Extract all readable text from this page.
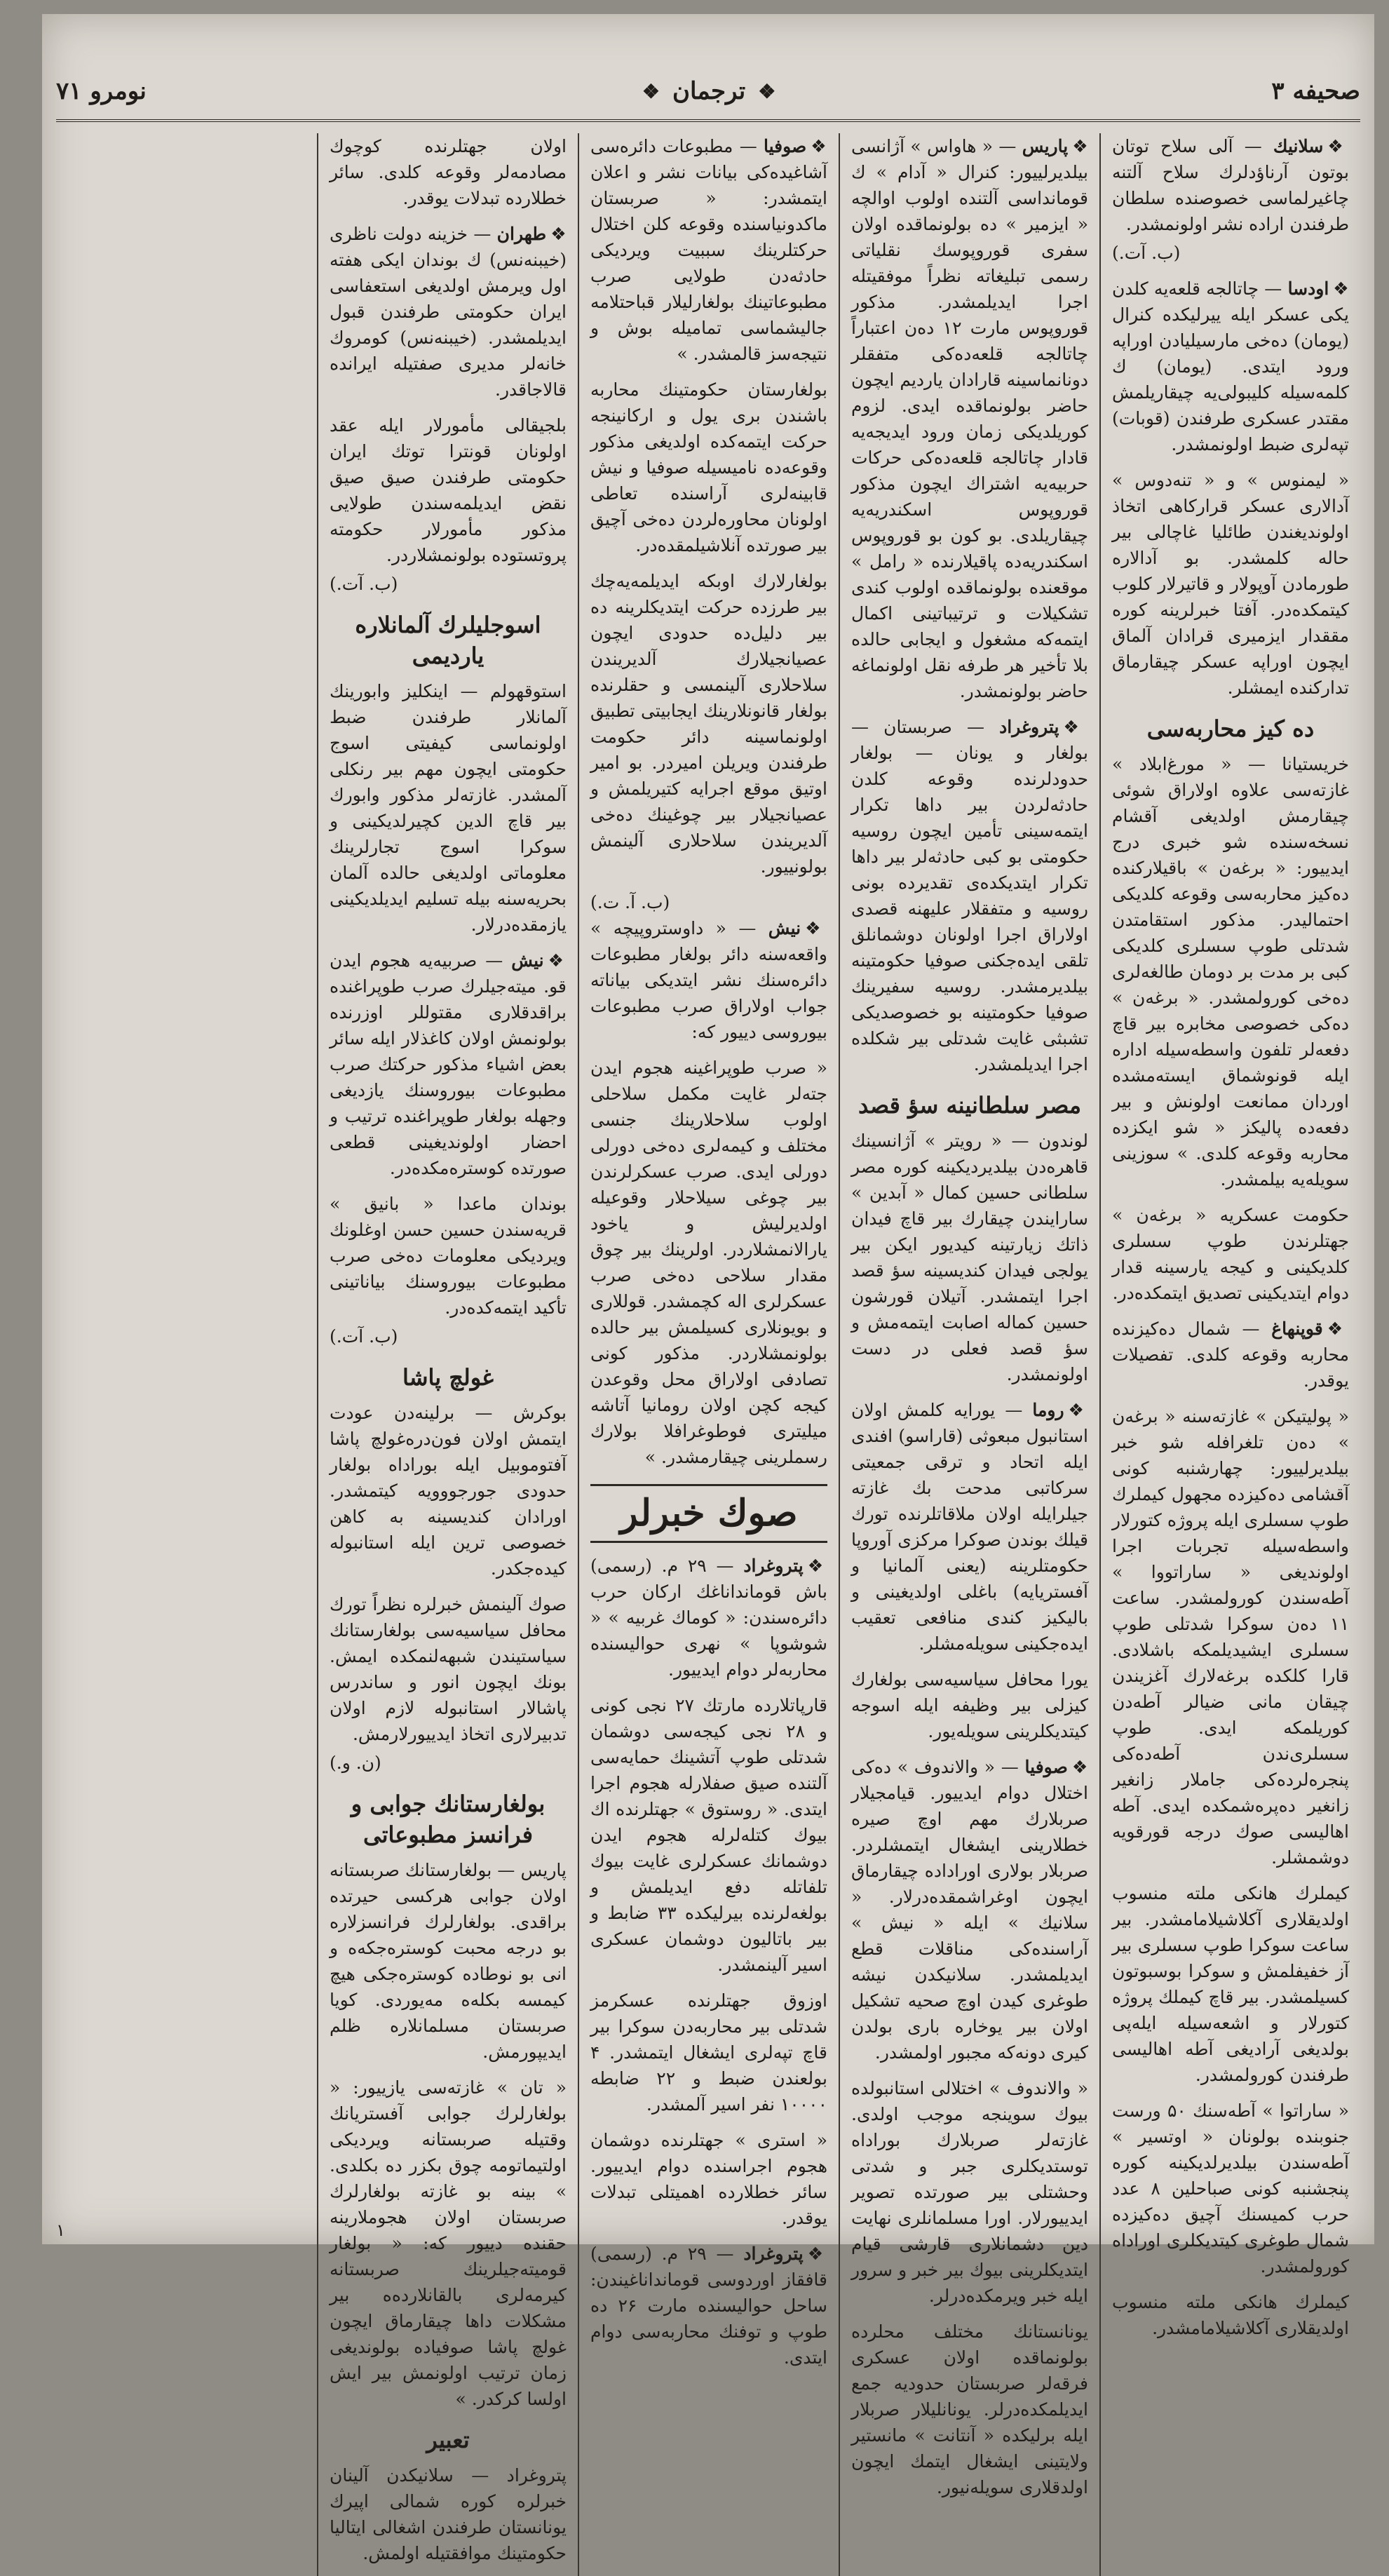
صحیفه ۳
❖
ترجمان
❖
نومرو ۷۱
❖سلانیك — آلی سلاح توتان بوتون آرناؤدلرك سلاح آلتنه چاغیرلماسی خصوصنده سلطان طرفندن اراده نشر اولونمشدر.
(ب. آت.)
❖اودسا — چاتالجه قلعه‌یه کلدن یکی عسکر ایله ییرلیکده کنرال (یومان) ده‌خی مارسیلیادن اوراپه ورود ایتدی. (یومان) ك کلمه‌سیله کلیبولی‌یه چیقاریلمش مقتدر عسکری طرفندن (قوبات) تپه‌لری ضبط اولونمشدر.
« لیمنوس » و « تنه‌دوس » آدالاری عسکر قرارکاهی اتخاذ اولوندیغندن طائلیا غاچالی بیر حاله کلمشدر. بو آدالاره طورمادن آوپولار و قاتیرلار کلوب کیتمکده‌در. آفتا خبرلرینه کوره مققدار ایزمیری قرادان آلماق ایچون اوراپه عسکر چیقارماق تدارکنده ایمشلر.
ده کیز محاربه‌سی
خریستیانا — « مورغ‌ابلاد » غازته‌سی علاوه اولاراق شوئی چیقارمش اولدیغی آقشام نسخه‌سنده شو خبری درج ایدییور: « برغه‌ن » باقیلارکنده ده‌کیز محاربه‌سی وقوعه کلدیکی احتمالیدر. مذکور استقامتدن شدتلی طوپ سسلری کلدیکی کبی بر مدت بر دومان طالغه‌لری ده‌خی کورولمشدر. « برغه‌ن » ده‌کی خصوصی مخابره بیر قاچ دفعه‌لر تلفون واسطه‌سیله اداره ایله قونوشماق ایسته‌مشده اوردان ممانعت اولونش و بیر دفعه‌ده پالیکز « شو ایکزده محاربه وقوعه کلدی. » سوزینی سویله‌یه بیلمشدر.
حکومت عسکریه « برغه‌ن » جهتلرندن طوپ سسلری کلدیکینی و کیجه یارسینه قدار دوام ایتدیکینی تصدیق ایتمکده‌در.
❖قوپنهاغ — شمال ده‌کیزنده محاربه وقوعه کلدی. تفصیلات یوقدر.
« پولیتیکن » غازته‌سنه « برغه‌ن » ده‌ن تلغرافله شو خبر بیلدیرلییور: چهارشنبه کونی آقشامی ده‌کیزده مجهول کیملرك طوپ سسلری ایله پروژه کتورلار واسطه‌سیله تجربات اجرا اولوندیغی « ساراتووا » آطه‌سندن کورولمشدر. ساعت ۱۱ ده‌ن سوکرا شدتلی طوپ سسلری ایشیدیلمکه باشلادی. قارا کلکده برغه‌لارك آغزیندن چیقان مانی ضیالر آطه‌دن کوریلمکه ایدی. طوپ سسلری‌ندن آطه‌ده‌کی پنجره‌لرده‌کی جاملار زانغیر زانغیر ده‌پره‌شمکده‌ ایدی. آطه اهالیسی صوك درجه قورقویه دوشمشلر.
کیملرك هانکی ملته منسوب اولدیقلاری آکلاشیلامامشدر. بیر ساعت سوکرا طوپ سسلری بیر آز خفیفلمش و سوکرا بوسبوتون کسیلمشدر. بیر قاچ کیملك پروژه کتورلار و اشعه‌سیله ایله‌پی بولدیغی آرادیغی آطه اهالیسی طرفندن کورولمشدر.
« ساراتوا » آطه‌سنك ۵۰ ورست جنوبنده بولونان « اوتسیر » آطه‌سندن بیلدیرلدیکینه کوره پنجشنبه کونی صباحلین ۸ عدد حرب کمیسنك آچیق ده‌کیزده شمال طوغری کیتدیکلری اوراداه کورولمشدر.
کیملرك هانکی ملته منسوب اولدیقلاری آکلاشیلامامشدر.
❖پاریس — « هاواس » آژانسی بیلدیرلییور: کنرال « آدام » ك قومانداسی آلتنده اولوب اوالچه « ایزمیر » ده بولونماقده اولان سفری قوروپوسك نقلیاتی رسمی تبلیغاته نظراً موفقیتله اجرا ایدیلمشدر. مذکور قوروپوس مارت ۱۲ ده‌ن اعتباراً چاتالجه قلعه‌ده‌کی متفقلر دونانماسینه قارادان یاردیم ایچون حاضر بولونماقده ایدی. لزوم کوریلدیکی زمان ورود ایدیجه‌یه قادار چاتالجه قلعه‌ده‌کی حرکات حربیه‌یه اشتراك ایچون مذکور قوروپوس اسکندریه‌یه چیقاریلدی. بو کون بو قوروپوس اسکندریه‌ده پاقیلارنده « رامل » موقعنده بولونماقده اولوب کندی تشکیلات و ترتیباتینی اکمال ایتمه‌که مشغول و ایجابی حالده بلا تأخیر هر طرفه نقل اولونماغه حاضر بولونمشدر.
❖پتروغراد — صربستان — بولغار و یونان — بولغار حدودلرنده وقوعه کلدن حادثه‌لردن بیر داها تکرار ایتمه‌سینی تأمین ایچون روسیه حکومتی بو کبی حادثه‌لر بیر داها تکرار ایتدیکده‌ی تقدیرده بونی روسیه و متفقلار علیهنه قصدی اولاراق اجرا اولونان دوشمانلق تلقی ایده‌جکنی صوفیا حکومتینه بیلدیرمشدر. روسیه سفیرینك صوفیا حکومتینه بو خصوصدیکی تشبثی غایت شدتلی بیر شکلده اجرا ایدیلمشدر.
مصر سلطانینه سؤ قصد
لوندون — « رویتر » آژانسینك قاهره‌دن بیلدیردیکینه کوره مصر سلطانی حسین کمال « آبدین » سارایندن چیقارك بیر قاچ فیدان ذاتك زیارتینه کیدیور ایکن بیر یولجی فیدان کندیسینه سؤ قصد اجرا ایتمشدر. آتیلان قورشون حسین کماله اصابت ایتمه‌مش و سؤ قصد فعلی در دست اولونمشدر.
❖روما — یورایه کلمش اولان استانبول مبعوثی (قاراسو) افندی ایله اتحاد و ترقی جمعیتی سرکاتبی مدحت بك غازته جیلرایله اولان ملاقاتلرنده تورك قیلك بوندن صوکرا مرکزی آوروپا حکومتلرینه (یعنی آلمانیا و آفستریایه) باغلی اولدیغینی و بالیکیز کندی منافعی تعقیب ایده‌جکینی سویله‌مشلر.
یورا محافل سیاسیه‌سی بولغارك کیزلی بیر وظیفه ایله اسوجه کیتدیکلرینی سویله‌یور.
❖صوفیا — « والاندوف » ده‌کی اختلال دوام ایدییور. قیامجیلار صربلارك مهم اوچ صیره خطلارینی ایشغال ایتمشلردر. صربلار بولاری اوراداده چیقارماق ایچون اوغراشمقده‌درلار. « سلانیك » ایله « نیش » آراسنده‌کی مناقلات قطع ایدیلمشدر. سلانیکدن نیشه طوغری کیدن اوچ صحیه تشکیل اولان بیر یوخاره باری بولدن کیری دونه‌که مجبور اولمشدر.
« والاندوف » اختلالی استانبولده بیوك سوینجه موجب اولدی. غازته‌لر صربلارك بوراداه توستدیکلری جبر و شدتی وحشتلی بیر صورتده تصویر ایدییورلار. اورا مسلمانلری نهایت دین دشمانلاری قارشی قیام ایتدیکلرینی بیوك بیر خبر و سرور ایله خبر ویرمکده‌درلر.
یونانستانك مختلف محلرده بولونماقده اولان عسکری فرقه‌لر صربستان حدودیه جمع ایدیلمکده‌درلر. یونانلیلار صربلار ایله برلیکده « آنتانت » مانستیر ولایتینی ایشغال ایتمك ایچون اولدقلاری سویله‌نیور.
❖صوفیا — مطبوعات دائره‌سی آشاغیده‌کی بیانات نشر و اعلان ایتمشدر: « صربستان ماکدونیاسنده وقوعه کلن اختلال حرکتلرینك سببیت ویردیکی حادثه‌دن طولایی صرب مطبوعاتینك بولغارلیلار قباحتلامه جالیشماسی تمامیله بوش و نتیجه‌سز قالمشدر. »
بولغارستان حکومتینك محاربه باشندن بری یول و ارکانینجه حرکت ایتمه‌کده اولدیغی مذکور وقوعه‌ده نامیسیله صوفیا و نیش قابینه‌لری آراسنده تعاطی اولونان محاوره‌لردن ده‌خی آچیق بیر صورتده آنلاشیلمقده‌در.
بولغارلارك اوبکه ایدیلمه‌یه‌چك بیر طرزده حرکت ایتدیکلرینه ده بیر دلیل‌ده حدودی ایچون عصیانجیلارك آلدیریندن سلاحلاری آلینمسی و حقلرنده بولغار قانونلارینك ایجابیتی تطبیق اولونماسینه دائر حکومت طرفندن ویریلن امیردر. بو امیر اوتیق موقع اجرایه کتیریلمش و عصیانجیلار بیر چوغینك ده‌خی آلدیریندن سلاحلاری آلینمش بولونییور.
(ب. آ. ت.)
❖نیش — « داوستروپیچه » واقعه‌سنه دائر بولغار مطبوعات دائره‌سنك نشر ایتدیکی بیاناته جواب اولاراق صرب مطبوعات بیوروسی دییور كه:
« صرب طوپراغینه هجوم ایدن جته‌لر غایت مکمل سلاحلی اولوب سلاحلارینك جنسی مختلف و کیمه‌لری ده‌خی دورلی دورلی ایدی. صرب عسکرلرندن بیر چوغی سیلاحلار وقوعیله اولدیرلیش و یاخود یارالانمشلاردر. اولرینك بیر چوق مقدار سلاحی ده‌خی صرب عسکرلری اله کچمشدر. قوللاری و بویونلاری کسیلمش بیر حالده بولونمشلاردر. مذکور کونی تصادفی اولاراق محل وقوعدن کیجه کچن اولان رومانیا آتاشه میلیتری فوطوغرافلا بولارك رسملرینی چیقارمشدر. »
صوك خبرلر
❖پتروغراد — ۲۹ م. (رسمی) باش قومانداناغك ارکان حرب دائره‌سندن: « کوماك غربیه » « شوشوپا » نهری حوالیسنده محاربه‌لر دوام ایدییور.
قارپاتلارده مارتك ۲۷ نجی کونی و ۲۸ نجی کیجه‌سی دوشمان شدتلی طوپ آتشینك حمایه‌سی آلتنده صیق صفلارله هجوم اجرا ایتدی. « روستوق » جهتلرنده اك بیوك کتله‌لرله هجوم ایدن دوشمانك عسکرلری غایت بیوك تلفاتله دفع ایدیلمش و بولغه‌لرنده بیرلیکده ۳۳ ضابط و بیر باتالیون دوشمان عسکری اسیر آلینمشدر.
اوزوق جهتلرنده عسکرمز شدتلی بیر محاربه‌دن سوکرا بیر قاچ تپه‌لری ایشغال ایتمشدر. ۴ بولعندن ضبط و ۲۲ ضابطه ۱۰۰۰۰ نفر اسیر آلمشدر.
« استری » جهتلرنده دوشمان هجوم اجراسنده دوام ایدییور. سائر خطلارده اهمیتلی تبدلات یوقدر.
❖پتروغراد — ۲۹ م. (رسمی) قافقاز اوردوسی قومانداناغیندن: ساحل حوالیسنده مارت ۲۶ ده طوپ و توفنك محاربه‌سی دوام ایتدی.
اولان جهتلرنده کوچوك مصادمه‌لر وقوعه کلدی. سائر خطلارده تبدلات یوقدر.
❖طهران — خزینه دولت ناظری (خیبنه‌نس) ك بوندان ایکی هفته اول ویرمش اولدیغی استعفاسی ایران حکومتی طرفندن قبول ایدیلمشدر. (خیبنه‌نس) كومروك خانه‌لر مدیری صفتیله ایرانده قالاجاقدر.
بلجیقالی مأمورلار ایله عقد اولونان قونترا توتك ایران حکومتی طرفندن صیق صیق نقض ایدیلمه‌سندن طولایی مذکور مأمورلار حکومته پروتستوده بولونمشلاردر.
(ب. آت.)
اسوجلیلرك آلمانلاره یاردیمی
استوقهولم — اینکلیز وابورینك آلمانلار طرفندن ضبط اولونماسی کیفیتی اسوج حکومتی ایچون مهم بیر رنکلی آلمشدر. غازته‌لر مذکور وابورك بیر قاچ الدین کچیرلدیکینی و سوکرا اسوج تجارلرینك معلوماتی اولدیغی حالده آلمان بحریه‌سنه بیله تسلیم ایدیلدیکینی یازمقده‌درلار.
❖نیش — صربیه‌یه هجوم ایدن قو. میته‌جیلرك صرب طوپراغنده براقدقلاری مقتوللر اوزرنده بولونمش اولان کاغذلار ایله سائر بعض اشیاء مذکور حرکتك صرب مطبوعات بیوروسنك یازدیغی وجهله بولغار طوپراغنده ترتیب و احضار اولوندیغینی قطعی صورتده کوستره‌مکده‌در.
بوندان ماعدا « بانیق » قریه‌سندن حسین حسن اوغلونك ویردیکی معلومات ده‌خی صرب مطبوعات بیوروسنك بیاناتینی تأکید ایتمه‌کده‌در.
(ب. آت.)
غولچ پاشا
بوکرش — برلینه‌دن عودت ایتمش اولان فون‌دره‌غولچ پاشا آفتوموبیل ایله بوراداه بولغار حدودی جورجووویه کیتمشدر. اورادان کندیسینه به کاهن خصوصی ترین ایله استانبوله کیده‌جکدر.
صوك آلینمش خبرلره نظراً تورك محافل سیاسیه‌سی بولغارستانك سیاستیندن شبهه‌لنمکده ایمش. بونك ایچون انور و ساندرس پاشالار استانبوله لازم اولان تدبیرلاری اتخاذ ایدییورلارمش.
(ن. و.)
بولغارستانك جوابی و فرانسز مطبوعاتی
پاریس — بولغارستانك صربستانه اولان جوابی هرکسی حیرتده براقدی. بولغارلرك فرانسزلاره بو درجه محبت کوستره‌جکه‌ه و انی بو نوطاده کوستره‌جکی هیچ کیمسه بکله‌ه مه‌یوردی. کویا صربستان مسلمانلاره ظلم ایدیپورمش.
« تان » غازته‌سی یازییور: « بولغارلرك جوابی آفستریانك وقتیله صربستانه ویردیکی اولتیماتومه چوق بکزر ده بکلدی. » بینه بو غازته بولغارلرك صربستان اولان هجوملارینه حقنده دییور كه: « بولغار قومیته‌جیلرینك صربستانه کیرمه‌لری بالقانلارده‌ه بیر مشکلات داها چیقارماق ایچون غولچ پاشا صوفیاده بولوندیغی زمان ترتیب اولونمش بیر ایش اولسا کرکدر. »
تعبیر
پتروغراد — سلانیکدن آلینان خبرلره کوره شمالی اپیرك یونانستان طرفندن اشغالی ایتالیا حکومتینك موافقتیله اولمش.
۱
